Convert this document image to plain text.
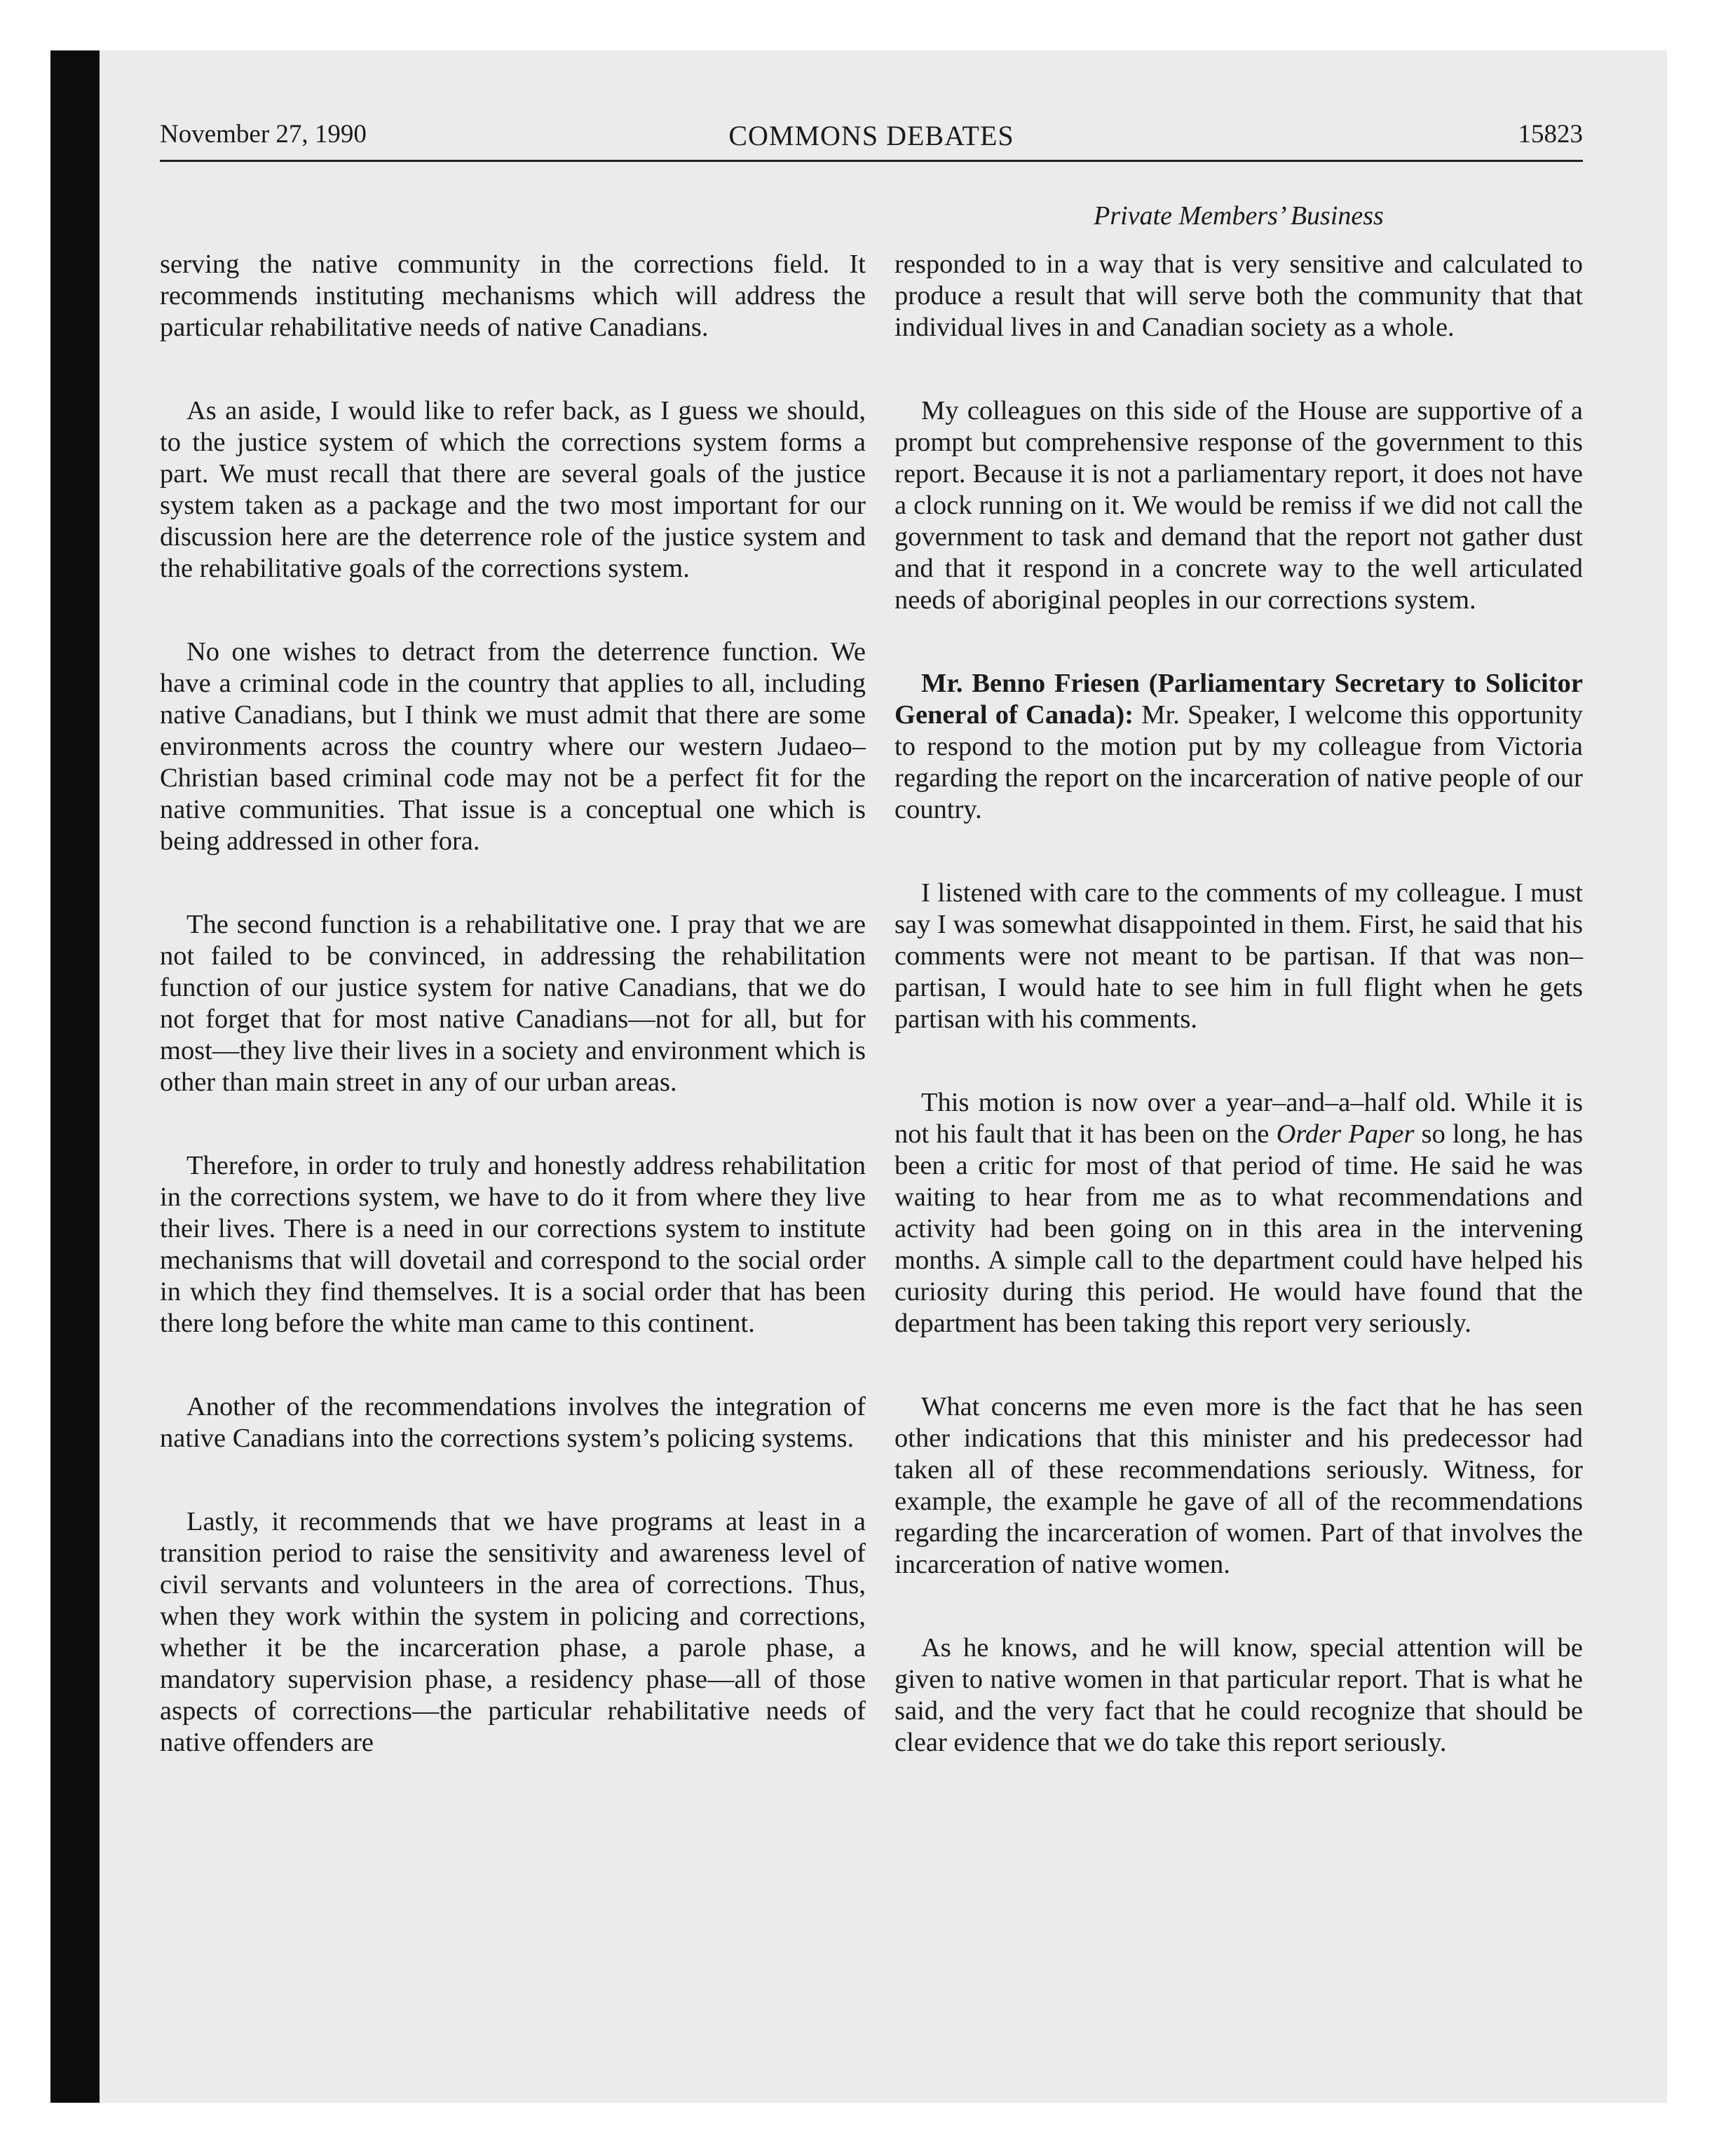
November 27, 1990	COMMONS DEBATES	15823
Private Members’ Business

serving the native community in the corrections field. It recommends instituting mechanisms which will address the particular rehabilitative needs of native Canadians.

As an aside, I would like to refer back, as I guess we should, to the justice system of which the corrections system forms a part. We must recall that there are several goals of the justice system taken as a package and the two most important for our discussion here are the deterrence role of the justice system and the rehabilitative goals of the corrections system.

No one wishes to detract from the deterrence function. We have a criminal code in the country that applies to all, including native Canadians, but I think we must admit that there are some environments across the country where our western Judaeo–Christian based criminal code may not be a perfect fit for the native communities. That issue is a conceptual one which is being addressed in other fora.

The second function is a rehabilitative one. I pray that we are not failed to be convinced, in addressing the rehabilitation function of our justice system for native Canadians, that we do not forget that for most native Canadians—not for all, but for most—they live their lives in a society and environment which is other than main street in any of our urban areas.

Therefore, in order to truly and honestly address rehabilitation in the corrections system, we have to do it from where they live their lives. There is a need in our corrections system to institute mechanisms that will dovetail and correspond to the social order in which they find themselves. It is a social order that has been there long before the white man came to this continent.

Another of the recommendations involves the integration of native Canadians into the corrections system’s policing systems.

Lastly, it recommends that we have programs at least in a transition period to raise the sensitivity and awareness level of civil servants and volunteers in the area of corrections. Thus, when they work within the system in policing and corrections, whether it be the incarceration phase, a parole phase, a mandatory supervision phase, a residency phase—all of those aspects of corrections—the particular rehabilitative needs of native offenders are

responded to in a way that is very sensitive and calculated to produce a result that will serve both the community that that individual lives in and Canadian society as a whole.

My colleagues on this side of the House are supportive of a prompt but comprehensive response of the government to this report. Because it is not a parliamentary report, it does not have a clock running on it. We would be remiss if we did not call the government to task and demand that the report not gather dust and that it respond in a concrete way to the well articulated needs of aboriginal peoples in our corrections system.

Mr. Benno Friesen (Parliamentary Secretary to Solicitor General of Canada): Mr. Speaker, I welcome this opportunity to respond to the motion put by my colleague from Victoria regarding the report on the incarceration of native people of our country.

I listened with care to the comments of my colleague. I must say I was somewhat disappointed in them. First, he said that his comments were not meant to be partisan. If that was non–partisan, I would hate to see him in full flight when he gets partisan with his comments.

This motion is now over a year–and–a–half old. While it is not his fault that it has been on the Order Paper so long, he has been a critic for most of that period of time. He said he was waiting to hear from me as to what recommendations and activity had been going on in this area in the intervening months. A simple call to the department could have helped his curiosity during this period. He would have found that the department has been taking this report very seriously.

What concerns me even more is the fact that he has seen other indications that this minister and his predecessor had taken all of these recommendations seriously. Witness, for example, the example he gave of all of the recommendations regarding the incarceration of women. Part of that involves the incarceration of native women.

As he knows, and he will know, special attention will be given to native women in that particular report. That is what he said, and the very fact that he could recognize that should be clear evidence that we do take this report seriously.
